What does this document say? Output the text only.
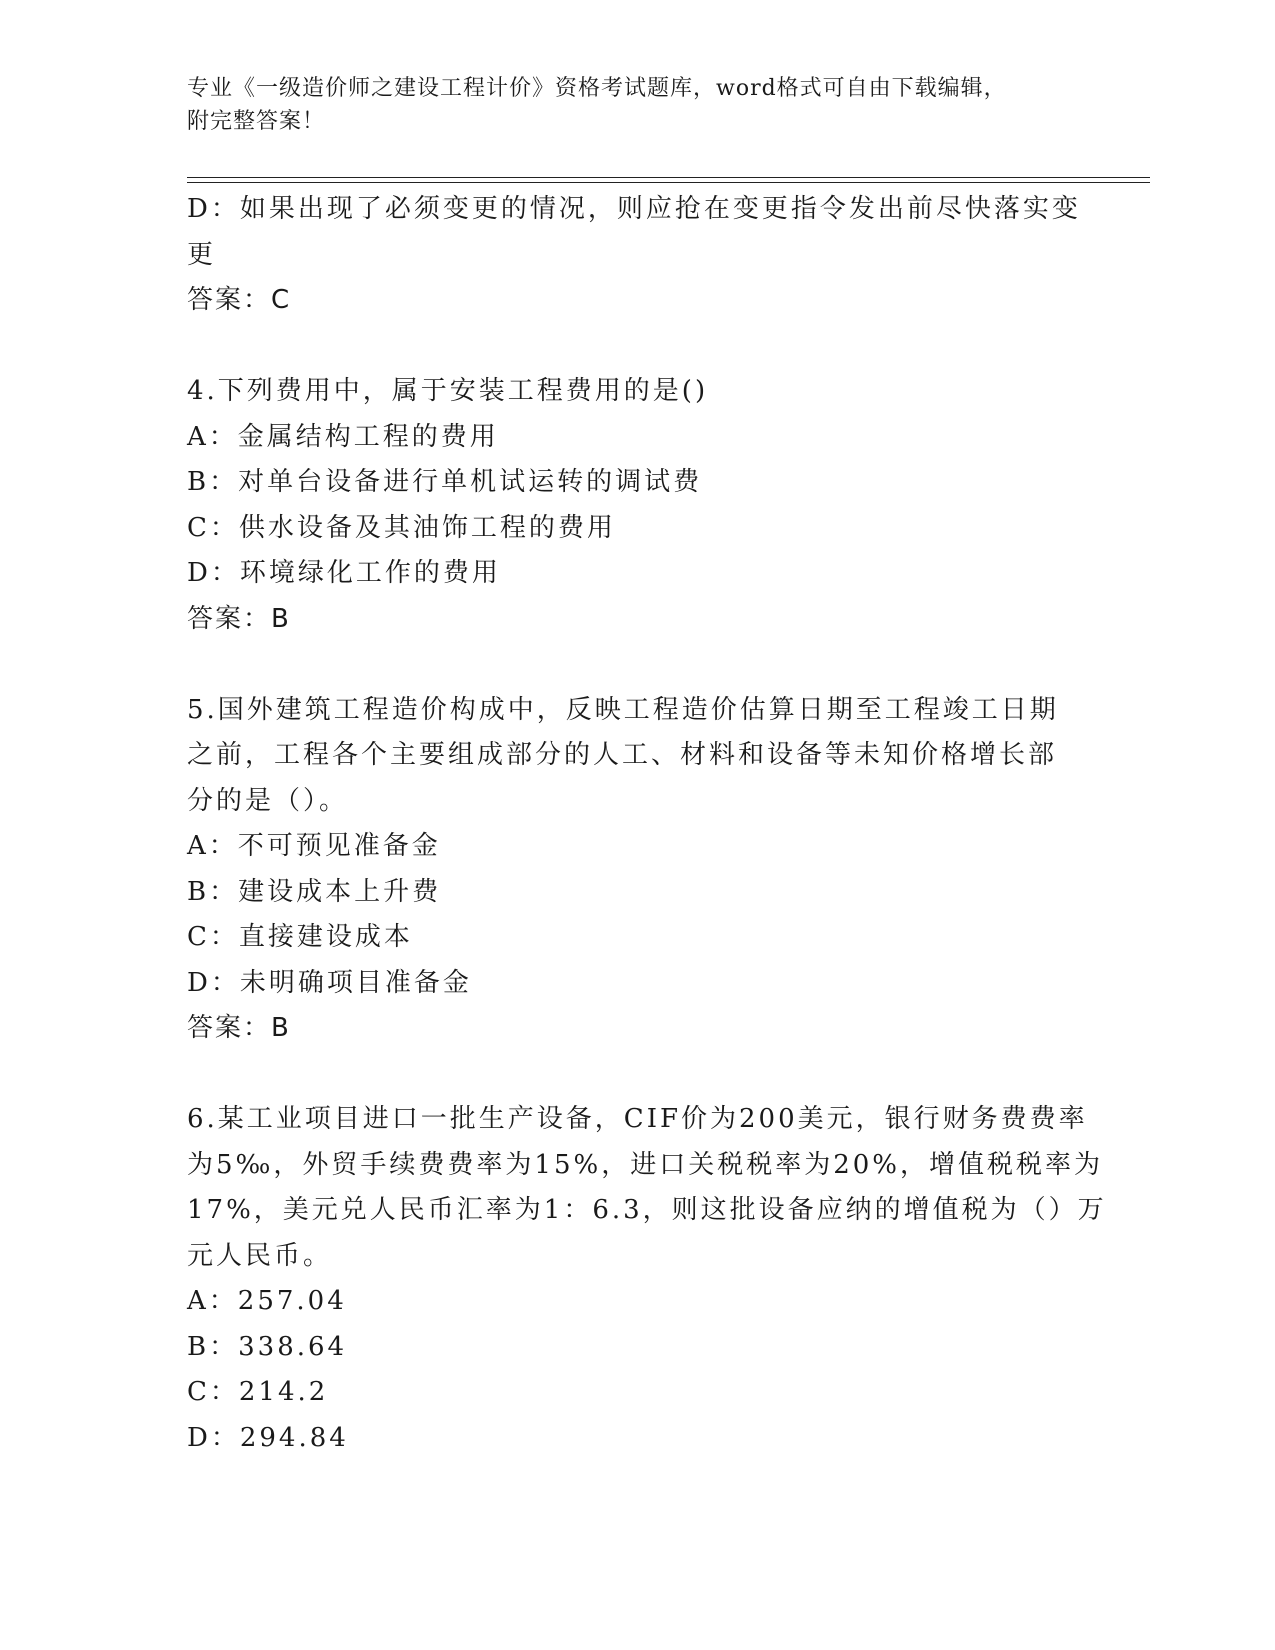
专业《一级造价师之建设工程计价》资格考试题库，word格式可自由下载编辑，
附完整答案！

D：如果出现了必须变更的情况，则应抢在变更指令发出前尽快落实变

更

答案：C

4.下列费用中，属于安装工程费用的是()

A：金属结构工程的费用

B：对单台设备进行单机试运转的调试费

C：供水设备及其油饰工程的费用

D：环境绿化工作的费用

答案：B

5.国外建筑工程造价构成中，反映工程造价估算日期至工程竣工日期

之前，工程各个主要组成部分的人工、材料和设备等未知价格增长部

分的是（）。

A：不可预见准备金

B：建设成本上升费

C：直接建设成本

D：未明确项目准备金

答案：B

6.某工业项目进口一批生产设备，CIF价为200美元，银行财务费费率

为5‰，外贸手续费费率为15%，进口关税税率为20%，增值税税率为

17%，美元兑人民币汇率为1：6.3，则这批设备应纳的增值税为（）万

元人民币。

A：257.04

B：338.64

C：214.2

D：294.84
